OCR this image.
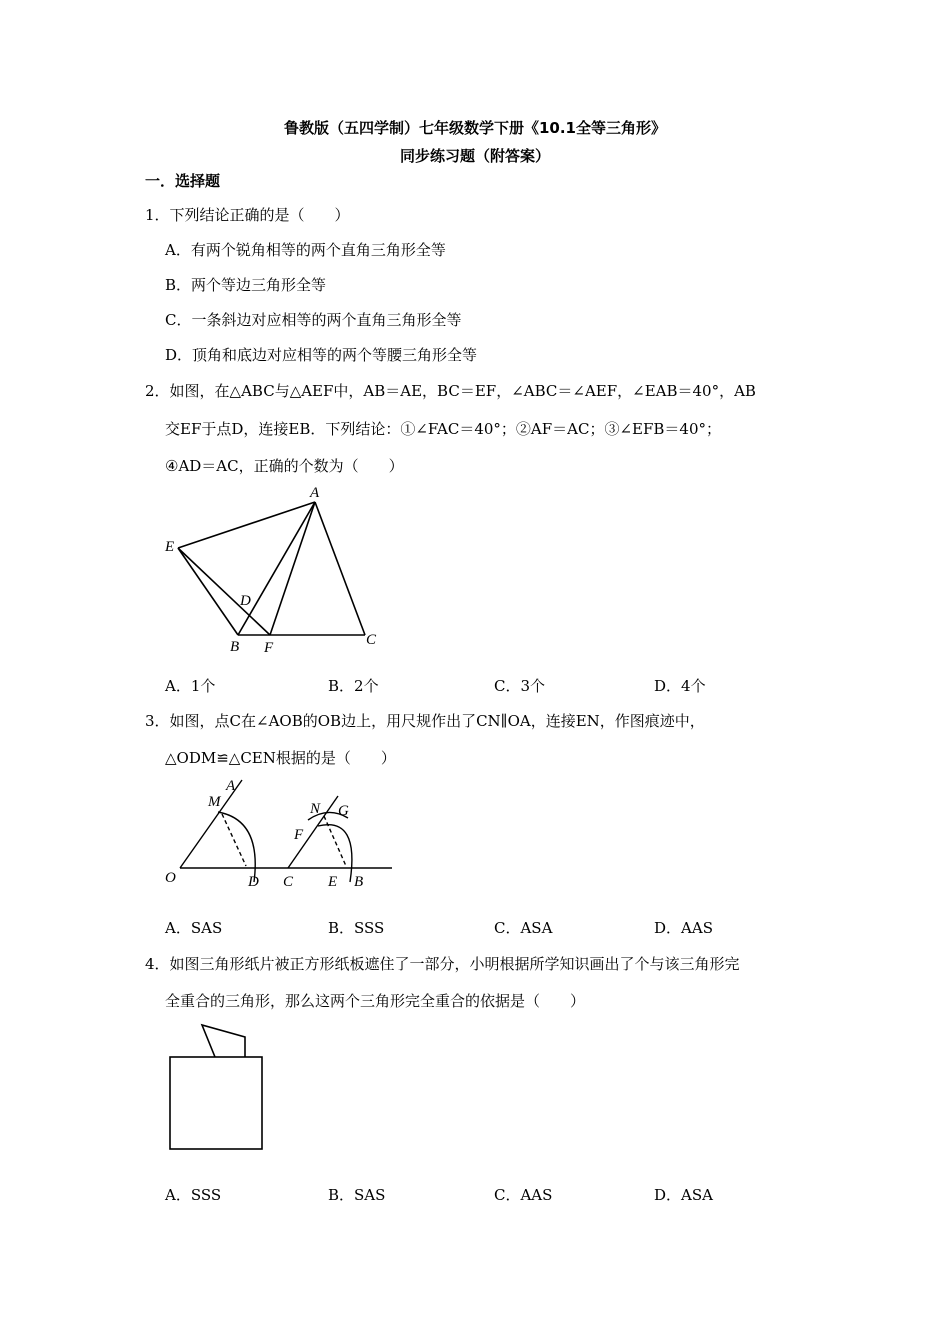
鲁教版（五四学制）七年级数学下册《10.1全等三角形》
同步练习题（附答案）
一．选择题
1．下列结论正确的是（　　）
A．有两个锐角相等的两个直角三角形全等
B．两个等边三角形全等
C．一条斜边对应相等的两个直角三角形全等
D．顶角和底边对应相等的两个等腰三角形全等
2．如图，在△ABC与△AEF中，AB＝AE，BC＝EF，∠ABC＝∠AEF，∠EAB＝40°，AB
交EF于点D，连接EB．下列结论：①∠FAC＝40°；②AF＝AC；③∠EFB＝40°；
④AD＝AC，正确的个数为（　　）
A
E
D
B F	C
A．1个	B．2个	C．3个	D．4个
3．如图，点C在∠AOB的OB边上，用尺规作出了CN∥OA，连接EN，作图痕迹中，
△ODM≌△CEN根据的是（　　）
A
M
O	D
N G
F
C E B
A．SAS	B．SSS	C．ASA	D．AAS
4．如图三角形纸片被正方形纸板遮住了一部分，小明根据所学知识画出了个与该三角形完
全重合的三角形，那么这两个三角形完全重合的依据是（　　）
A．SSS	B．SAS	C．AAS	D．ASA
